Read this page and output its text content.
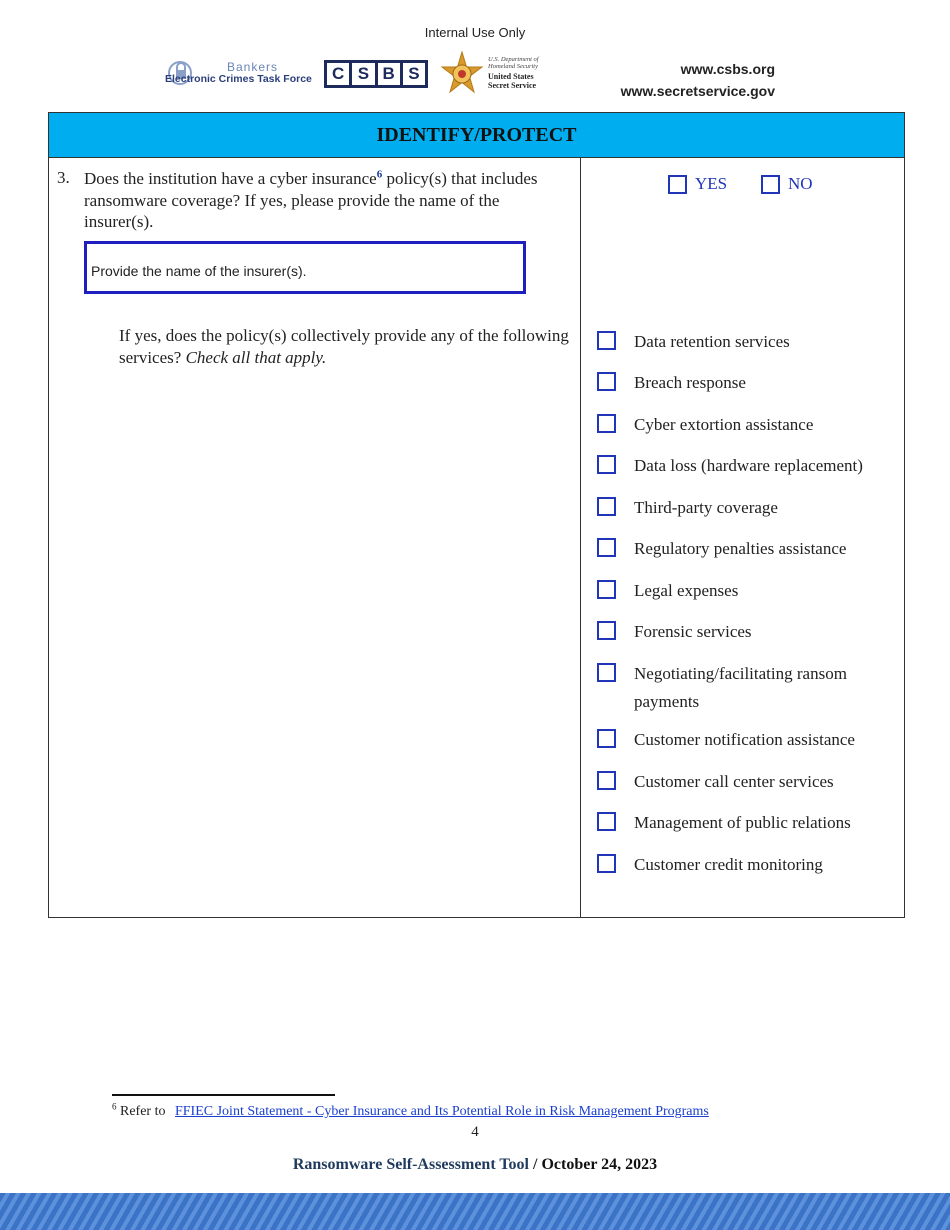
Internal Use Only
Bankers
Electronic Crimes Task Force C S B S
U.S. Department of Homeland Security
United States Secret Service
www.csbs.org
www.secretservice.gov
IDENTIFY/PROTECT
3. Does the institution have a cyber insurance$^6$ policy(s) that includes ransomware coverage? If yes, please provide the name of the insurer(s).
Provide the name of the insurer(s).
If yes, does the policy(s) collectively provide any of the following services? Check all that apply.
YES	NO
Data retention services
Breach response
Cyber extortion assistance
Data loss (hardware replacement)
Third-party coverage
Regulatory penalties assistance
Legal expenses
Forensic services
Negotiating/facilitating ransom payments
Customer notification assistance
Customer call center services
Management of public relations
Customer credit monitoring
$^6$ Refer to FFIEC Joint Statement - Cyber Insurance and Its Potential Role in Risk Management Programs
4
Ransomware Self-Assessment Tool / October 24, 2023
